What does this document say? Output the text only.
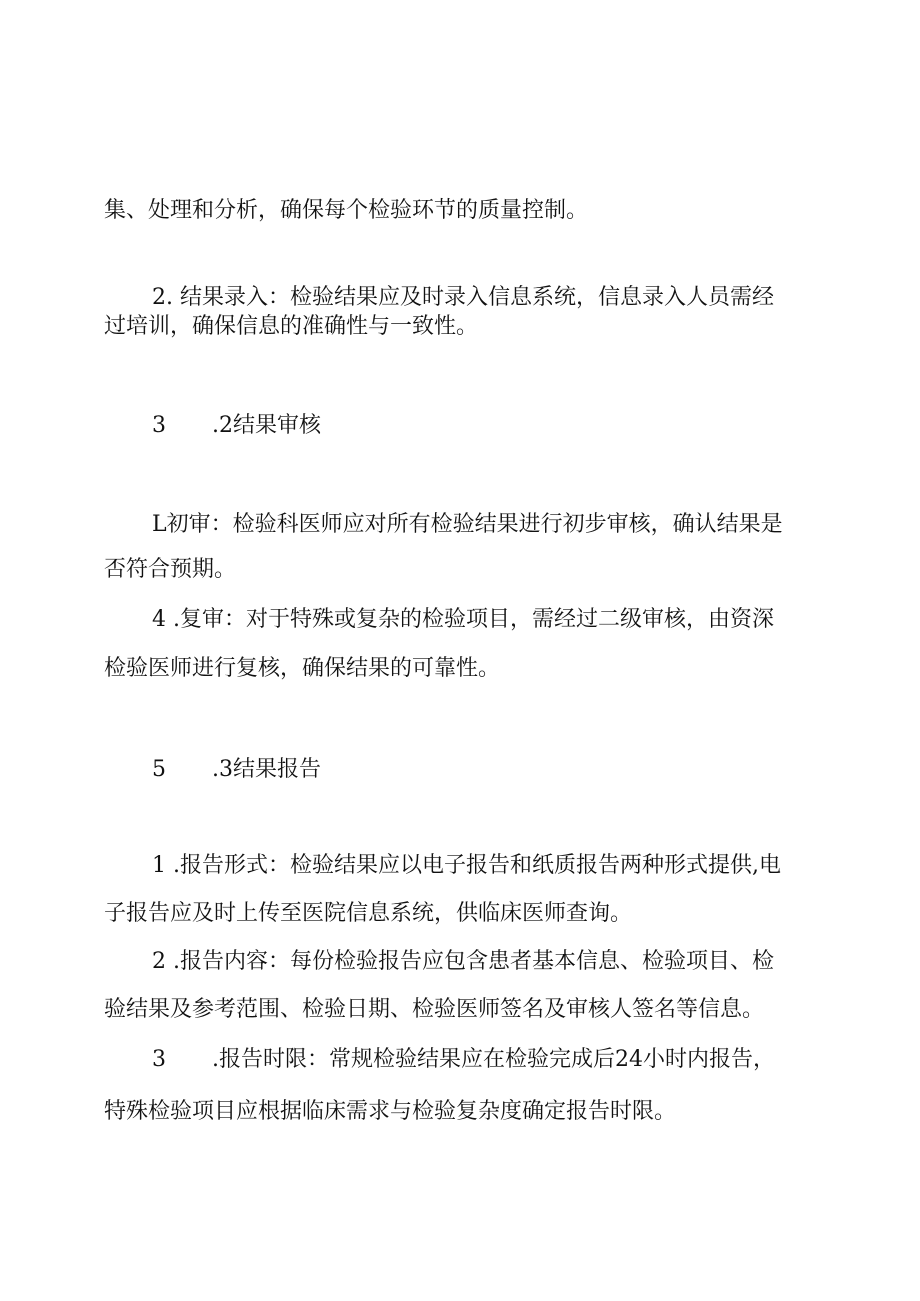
集、处理和分析，确保每个检验环节的质量控制。
2. 结果录入：检验结果应及时录入信息系统，信息录入人员需经
过培训，确保信息的准确性与一致性。
3 .2结果审核
L初审：检验科医师应对所有检验结果进行初步审核，确认结果是
否符合预期。
4 .复审：对于特殊或复杂的检验项目，需经过二级审核，由资深
检验医师进行复核，确保结果的可靠性。
5 .3结果报告
1 .报告形式：检验结果应以电子报告和纸质报告两种形式提供,电
子报告应及时上传至医院信息系统，供临床医师查询。
2 .报告内容：每份检验报告应包含患者基本信息、检验项目、检
验结果及参考范围、检验日期、检验医师签名及审核人签名等信息。
3 .报告时限：常规检验结果应在检验完成后24小时内报告，
特殊检验项目应根据临床需求与检验复杂度确定报告时限。
